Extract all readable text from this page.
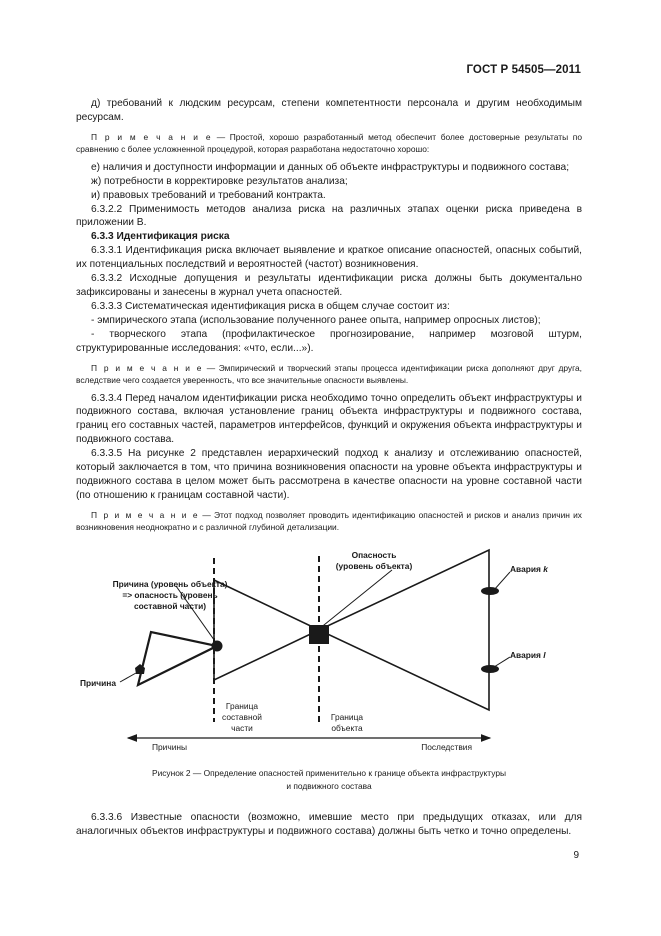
ГОСТ Р 54505—2011

д) требований к людским ресурсам, степени компетентности персонала и другим необходимым ресурсам.

П р и м е ч а н и е — Простой, хорошо разработанный метод обеспечит более достоверные результаты по сравнению с более усложненной процедурой, которая разработана недостаточно хорошо:

е) наличия и доступности информации и данных об объекте инфраструктуры и подвижного состава;

ж) потребности в корректировке результатов анализа;

и) правовых требований и требований контракта.

6.3.2.2 Применимость методов анализа риска на различных этапах оценки риска приведена в приложении В.

6.3.3 Идентификация риска

6.3.3.1 Идентификация риска включает выявление и краткое описание опасностей, опасных событий, их потенциальных последствий и вероятностей (частот) возникновения.

6.3.3.2 Исходные допущения и результаты идентификации риска должны быть документально зафиксированы и занесены в журнал учета опасностей.

6.3.3.3 Систематическая идентификация риска в общем случае состоит из:

- эмпирического этапа (использование полученного ранее опыта, например опросных листов);

- творческого этапа (профилактическое прогнозирование, например мозговой штурм, структурированные исследования: «что, если...»).

П р и м е ч а н и е — Эмпирический и творческий этапы процесса идентификации риска дополняют друг друга, вследствие чего создается уверенность, что все значительные опасности выявлены.

6.3.3.4 Перед началом идентификации риска необходимо точно определить объект инфраструктуры и подвижного состава, включая установление границ объекта инфраструктуры и подвижного состава, границ его составных частей, параметров интерфейсов, функций и окружения объекта инфраструктуры и подвижного состава.

6.3.3.5 На рисунке 2 представлен иерархический подход к анализу и отслеживанию опасностей, который заключается в том, что причина возникновения опасности на уровне объекта инфраструктуры и подвижного состава в целом может быть рассмотрена в качестве опасности на уровне составной части (по отношению к границам составной части).

П р и м е ч а н и е — Этот подход позволяет проводить идентификацию опасностей и рисков и анализ причин их возникновения неоднократно и с различной глубиной детализации.

Причина (уровень объекта)
=> опасность (уровень
составной части)
Причина
Опасность
(уровень объекта)	Авария k
Авария l
Граница
составной
части
Граница
объекта
Причины	Последствия
Рисунок 2 — Определение опасностей применительно к границе объекта инфраструктуры
и подвижного состава

6.3.3.6 Известные опасности (возможно, имевшие место при предыдущих отказах, или для аналогичных объектов инфраструктуры и подвижного состава) должны быть четко и точно определены.

9
